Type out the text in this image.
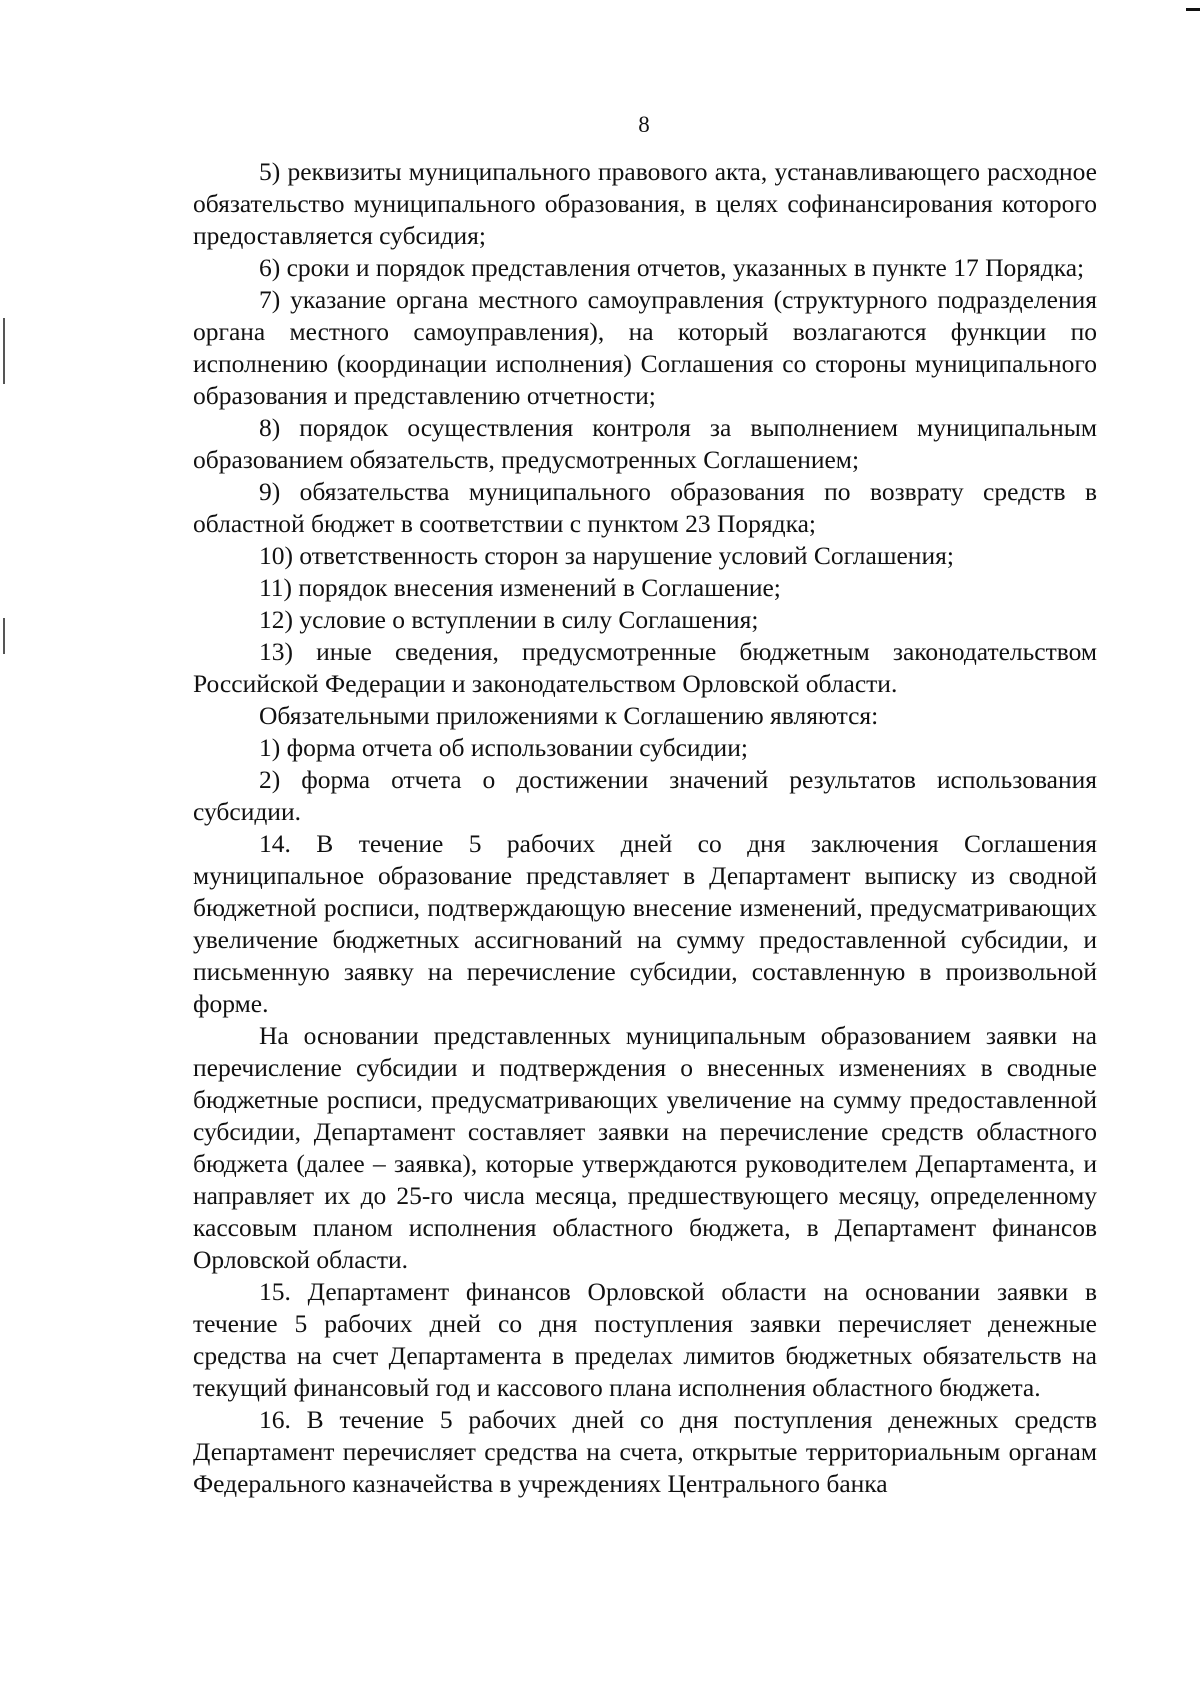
8

5) реквизиты муниципального правового акта, устанавливающего расходное обязательство муниципального образования, в целях софинансирования которого предоставляется субсидия;

6) сроки и порядок представления отчетов, указанных в пункте 17 Порядка;

7) указание органа местного самоуправления (структурного подразделения органа местного самоуправления), на который возлагаются функции по исполнению (координации исполнения) Соглашения со стороны муниципального образования и представлению отчетности;

8) порядок осуществления контроля за выполнением муниципальным образованием обязательств, предусмотренных Соглашением;

9) обязательства муниципального образования по возврату средств в областной бюджет в соответствии с пунктом 23 Порядка;

10) ответственность сторон за нарушение условий Соглашения;

11) порядок внесения изменений в Соглашение;

12) условие о вступлении в силу Соглашения;

13) иные сведения, предусмотренные бюджетным законодательством Российской Федерации и законодательством Орловской области.

Обязательными приложениями к Соглашению являются:

1) форма отчета об использовании субсидии;

2) форма отчета о достижении значений результатов использования субсидии.

14. В течение 5 рабочих дней со дня заключения Соглашения муниципальное образование представляет в Департамент выписку из сводной бюджетной росписи, подтверждающую внесение изменений, предусматривающих увеличение бюджетных ассигнований на сумму предоставленной субсидии, и письменную заявку на перечисление субсидии, составленную в произвольной форме.

На основании представленных муниципальным образованием заявки на перечисление субсидии и подтверждения о внесенных изменениях в сводные бюджетные росписи, предусматривающих увеличение на сумму предоставленной субсидии, Департамент составляет заявки на перечисление средств областного бюджета (далее – заявка), которые утверждаются руководителем Департамента, и направляет их до 25-го числа месяца, предшествующего месяцу, определенному кассовым планом исполнения областного бюджета, в Департамент финансов Орловской области.

15. Департамент финансов Орловской области на основании заявки в течение 5 рабочих дней со дня поступления заявки перечисляет денежные средства на счет Департамента в пределах лимитов бюджетных обязательств на текущий финансовый год и кассового плана исполнения областного бюджета.

16. В течение 5 рабочих дней со дня поступления денежных средств Департамент перечисляет средства на счета, открытые территориальным органам Федерального казначейства в учреждениях Центрального банка
